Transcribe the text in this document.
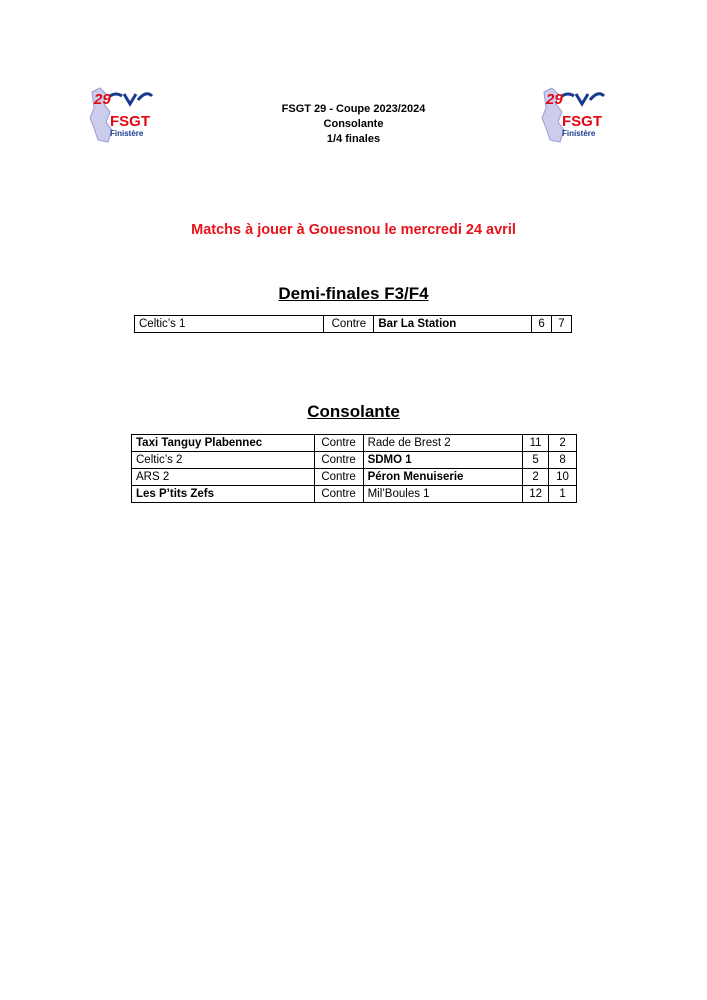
29
FSGT
Finistère
29
FSGT
Finistère
FSGT 29 - Coupe 2023/2024
Consolante
1/4 finales
Matchs à jouer à Gouesnou le mercredi 24 avril
Demi-finales F3/F4
Celtic’s 1	Contre	Bar La Station	6	7
Consolante
Taxi Tanguy Plabennec	Contre	Rade de Brest 2	11	2
Celtic’s 2	Contre	SDMO 1	5	8
ARS 2	Contre	Péron Menuiserie	2	10
Les P’tits Zefs	Contre	Mil’Boules 1	12	1
